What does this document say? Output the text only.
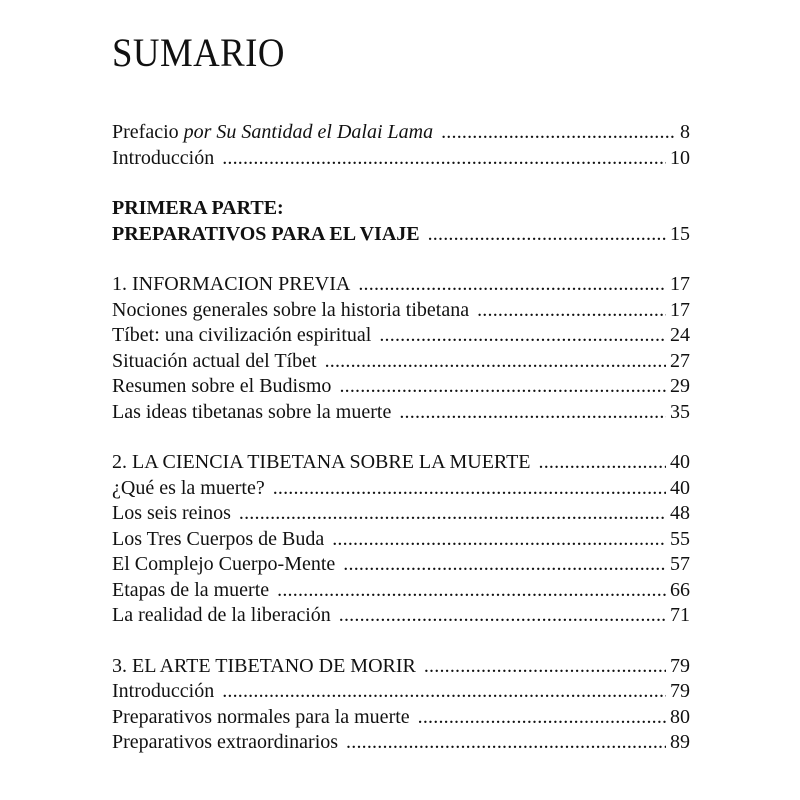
SUMARIO
Prefacio por Su Santidad el Dalai Lama .....	8
Introducción .....	10
PRIMERA PARTE:
PREPARATIVOS PARA EL VIAJE .....	15
1. INFORMACION PREVIA .....	17
Nociones generales sobre la historia tibetana .....	17
Tíbet: una civilización espiritual .....	24
Situación actual del Tíbet .....	27
Resumen sobre el Budismo .....	29
Las ideas tibetanas sobre la muerte .....	35
2. LA CIENCIA TIBETANA SOBRE LA MUERTE .....	40
¿Qué es la muerte? .....	40
Los seis reinos .....	48
Los Tres Cuerpos de Buda .....	55
El Complejo Cuerpo-Mente .....	57
Etapas de la muerte .....	66
La realidad de la liberación .....	71
3. EL ARTE TIBETANO DE MORIR .....	79
Introducción .....	79
Preparativos normales para la muerte .....	80
Preparativos extraordinarios .....	89
